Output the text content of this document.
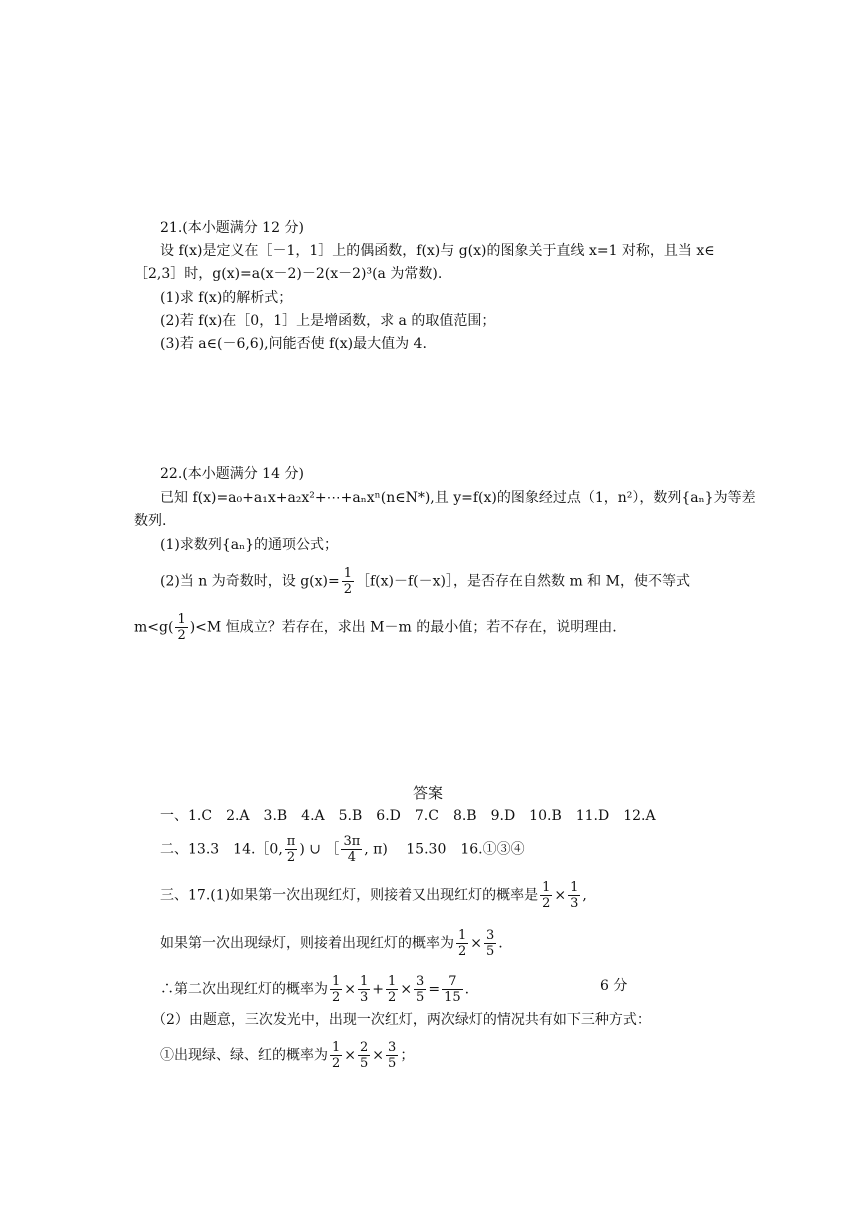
21.(本小题满分 12 分)
设 f(x)是定义在［－1，1］上的偶函数，f(x)与 g(x)的图象关于直线 x=1 对称，且当 x∈
［2,3］时，g(x)=a(x－2)－2(x－2)³(a 为常数).
(1)求 f(x)的解析式；
(2)若 f(x)在［0，1］上是增函数，求 a 的取值范围；
(3)若 a∈(－6,6),问能否使 f(x)最大值为 4.
22.(本小题满分 14 分)
已知 f(x)=a₀+a₁x+a₂x²+⋯+aₙxⁿ(n∈N*),且 y=f(x)的图象经过点（1，n²），数列{aₙ}为等差
数列.
(1)求数列{aₙ}的通项公式；
(2)当 n 为奇数时，设 $g(x)= \frac{1}{2}$ ［f(x)－f(－x)］，是否存在自然数 m 和 M，使不等式
$m<g( \frac{1}{2} )<M$ 恒成立？若存在，求出 M－m 的最小值；若不存在，说明理由.
答案
一、1.C　2.A　3.B　4.A　5.B　6.D　7.C　8.B　9.D　10.B　11.D　12.A
二、13.3　14.［0, $\frac{\pi}{2}$ ) ∪ ［ $\frac{3\pi}{4}$ , π)　 15.30　16.①③④
三、17.(1)如果第一次出现红灯，则接着又出现红灯的概率是 $\frac{1}{2} \times \frac{1}{3}$ ,
如果第一次出现绿灯，则接着出现红灯的概率为 $\frac{1}{2} \times \frac{3}{5}$ .
∴第二次出现红灯的概率为 $\frac{1}{2} \times \frac{1}{3} + \frac{1}{2} \times \frac{3}{5} = \frac{7}{15}$ .	6 分
（2）由题意，三次发光中，出现一次红灯，两次绿灯的情况共有如下三种方式：
①出现绿、绿、红的概率为 $\frac{1}{2} \times \frac{2}{5} \times \frac{3}{5}$ ；
